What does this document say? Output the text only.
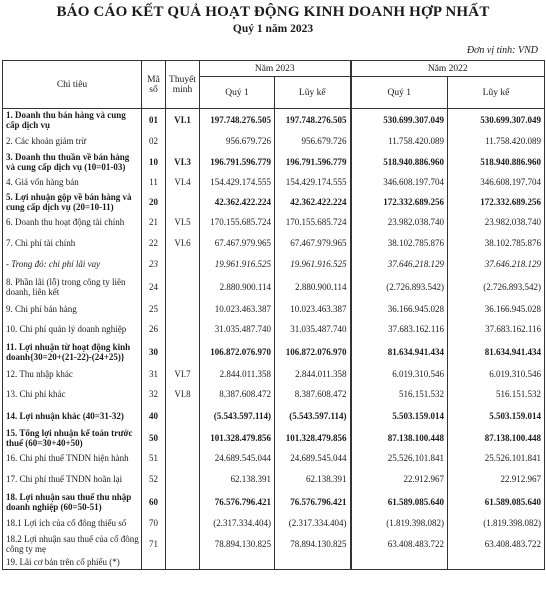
BÁO CÁO KẾT QUẢ HOẠT ĐỘNG KINH DOANH HỢP NHẤT
Quý 1 năm 2023
Đơn vị tính: VND
Chỉ tiêu	Mã số	Thuyết minh	Năm 2023		Năm 2022	
			Quý 1	Lũy kế	Quý 1	Lũy kế
1. Doanh thu bán hàng và cung cấp dịch vụ	01	VI.1	197.748.276.505	197.748.276.505	530.699.307.049	530.699.307.049
2. Các khoản giảm trừ	02		956.679.726	956.679.726	11.758.420.089	11.758.420.089
3. Doanh thu thuần về bán hàng và cung cấp dịch vụ (10=01-03)	10	VI.3	196.791.596.779	196.791.596.779	518.940.886.960	518.940.886.960
4. Giá vốn hàng bán	11	VI.4	154.429.174.555	154.429.174.555	346.608.197.704	346.608.197.704
5. Lợi nhuận gộp về bán hàng và cung cấp dịch vụ (20=10-11)	20		42.362.422.224	42.362.422.224	172.332.689.256	172.332.689.256
6. Doanh thu hoạt động tài chính	21	VI.5	170.155.685.724	170.155.685.724	23.982.038.740	23.982.038.740
7. Chi phí tài chính	22	VI.6	67.467.979.965	67.467.979.965	38.102.785.876	38.102.785.876
- Trong đó: chi phí lãi vay	23		19.961.916.525	19.961.916.525	37.646.218.129	37.646.218.129
8. Phần lãi (lỗ) trong công ty liên doanh, liên kết	24		2.880.900.114	2.880.900.114	(2.726.893.542)	(2.726.893.542)
9. Chi phí bán hàng	25		10.023.463.387	10.023.463.387	36.166.945.028	36.166.945.028
10. Chi phí quản lý doanh nghiệp	26		31.035.487.740	31.035.487.740	37.683.162.116	37.683.162.116
11. Lợi nhuận từ hoạt động kinh doanh{30=20+(21-22)-(24+25)}	30		106.872.076.970	106.872.076.970	81.634.941.434	81.634.941.434
12. Thu nhập khác	31	VI.7	2.844.011.358	2.844.011.358	6.019.310.546	6.019.310.546
13. Chi phí khác	32	VI.8	8.387.608.472	8.387.608.472	516.151.532	516.151.532
14. Lợi nhuận khác (40=31-32)	40		(5.543.597.114)	(5.543.597.114)	5.503.159.014	5.503.159.014
15. Tổng lợi nhuận kế toán trước thuế (60=30+40+50)	50		101.328.479.856	101.328.479.856	87.138.100.448	87.138.100.448
16. Chi phí thuế TNDN hiện hành	51		24.689.545.044	24.689.545.044	25.526.101.841	25.526.101.841
17. Chi phí thuế TNDN hoãn lại	52		62.138.391	62.138.391	22.912.967	22.912.967
18. Lợi nhuận sau thuế thu nhập doanh nghiệp (60=50-51)	60		76.576.796.421	76.576.796.421	61.589.085.640	61.589.085.640
18.1 Lợi ích của cổ đông thiểu số	70		(2.317.334.404)	(2.317.334.404)	(1.819.398.082)	(1.819.398.082)
18.2 Lợi nhuận sau thuế của cổ đông công ty mẹ	71		78.894.130.825	78.894.130.825	63.408.483.722	63.408.483.722
19. Lãi cơ bản trên cổ phiếu (*)						
